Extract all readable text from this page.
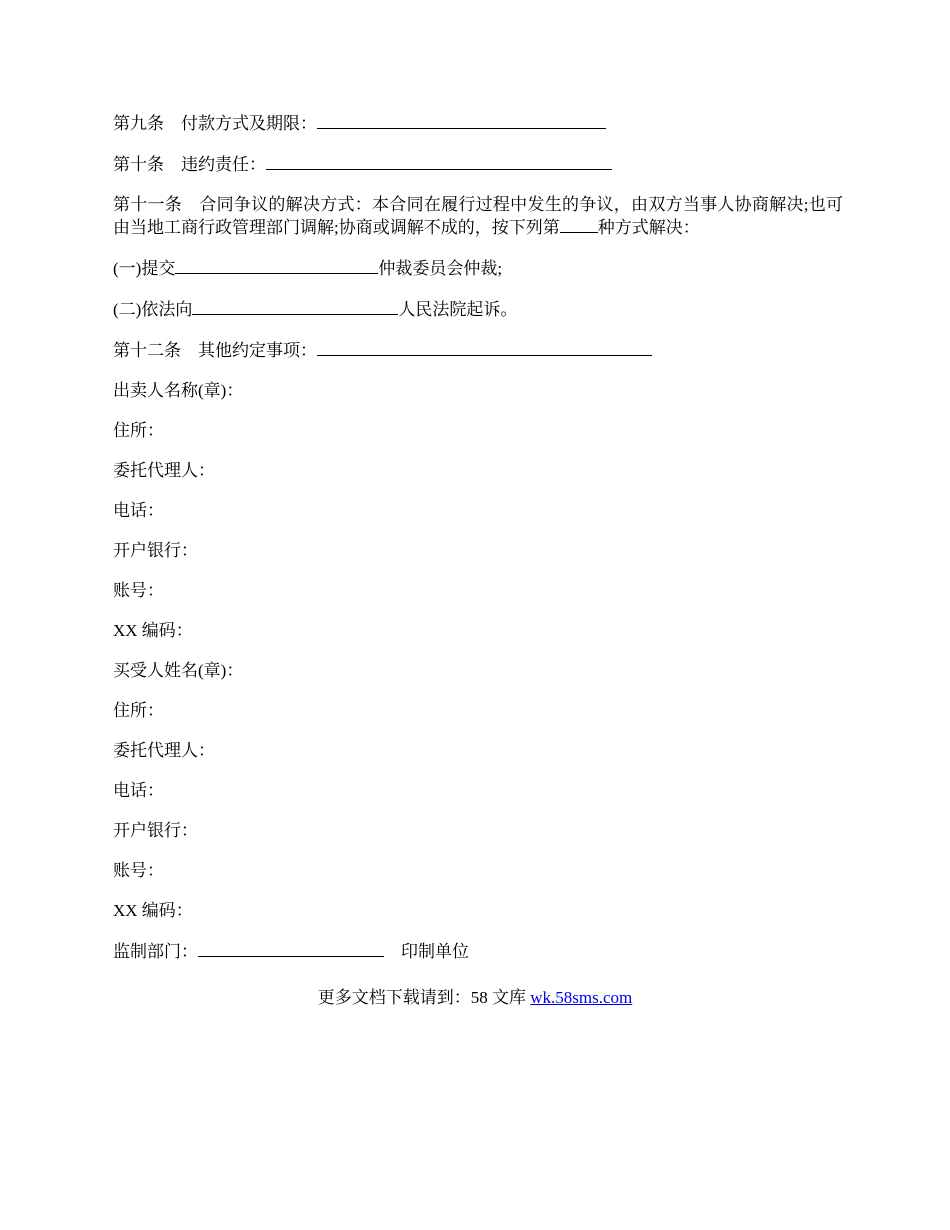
第九条 付款方式及期限：
第十条 违约责任：
第十一条 合同争议的解决方式：本合同在履行过程中发生的争议，由双方当事人协商解决;也可由当地工商行政管理部门调解;协商或调解不成的，按下列第 种方式解决：
(一)提交	仲裁委员会仲裁;
(二)依法向	人民法院起诉。
第十二条 其他约定事项：
出卖人名称(章)：
住所：
委托代理人：
电话：
开户银行：
账号：
XX 编码：
买受人姓名(章)：
住所：
委托代理人：
电话：
开户银行：
账号：
XX 编码：
监制部门：	印制单位
更多文档下载请到：58 文库 wk.58sms.com
